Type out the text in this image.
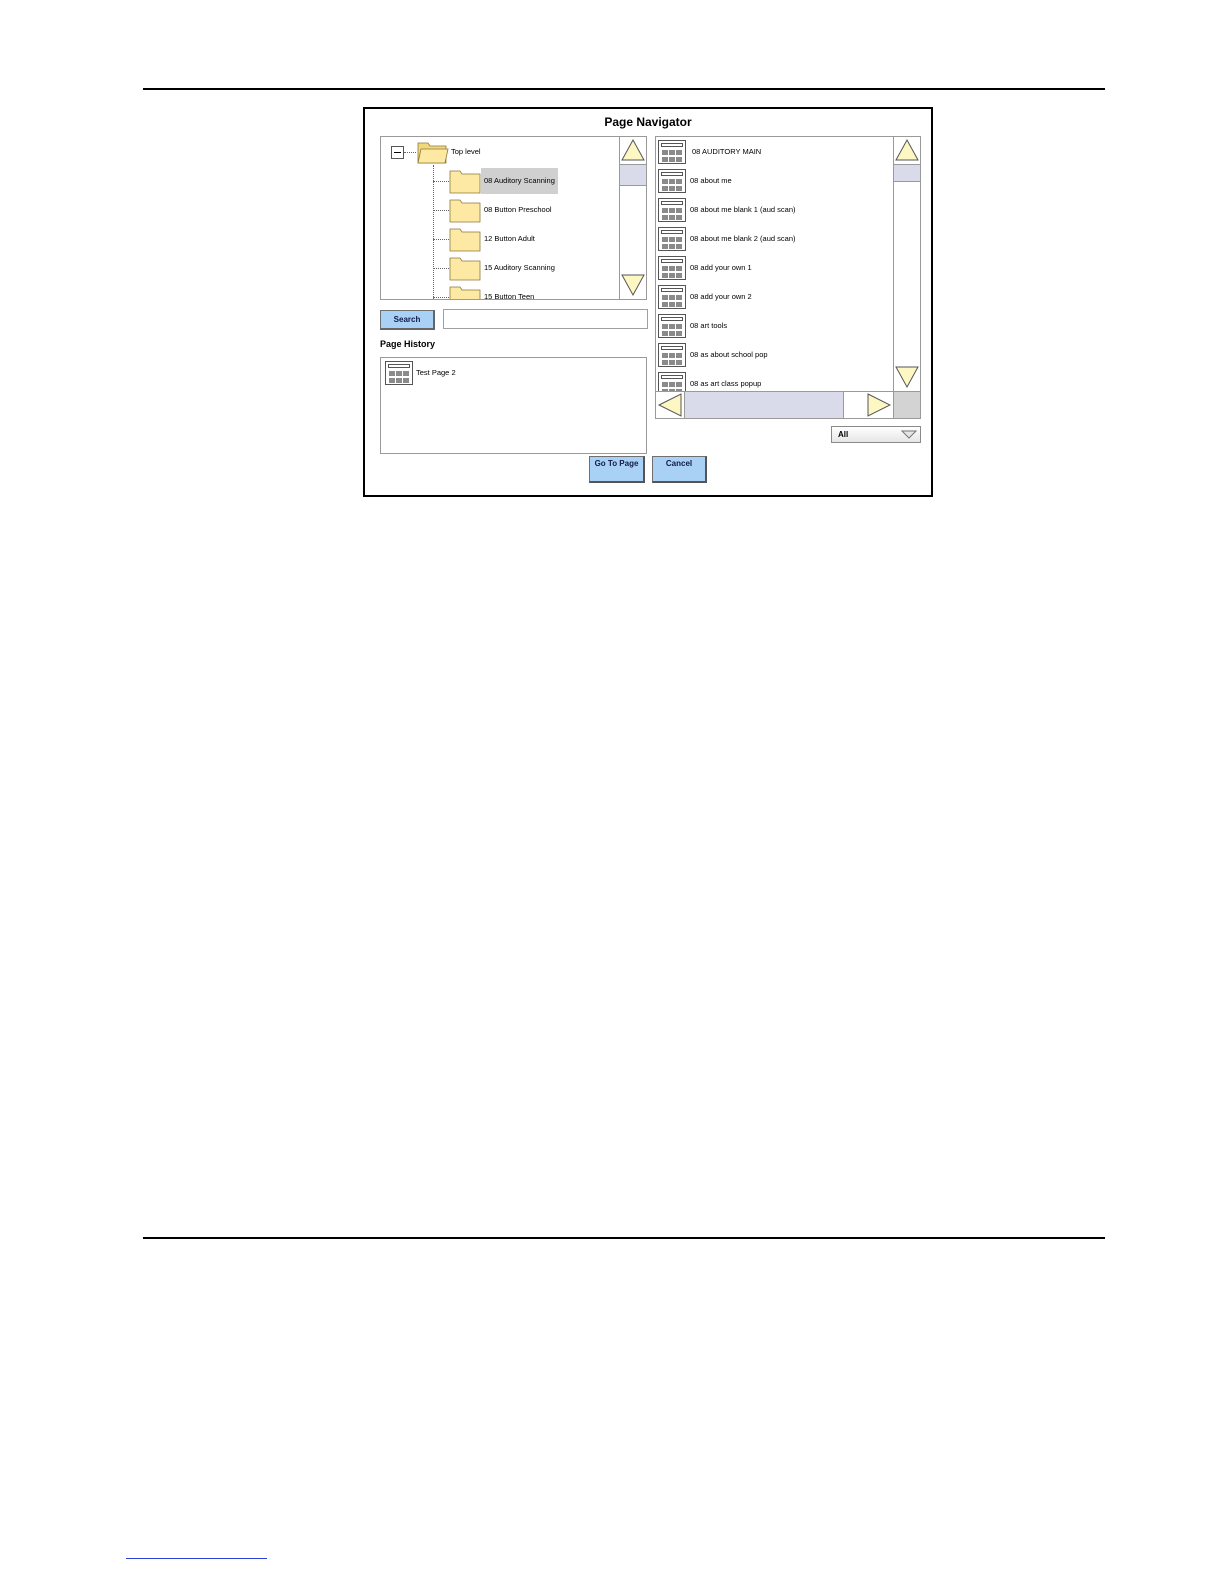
Page Navigator
Top level
08 Auditory Scanning
08 Button Preschool
12 Button Adult
15 Auditory Scanning
15 Button Teen
Search
Page History
Test Page 2
08 AUDITORY MAIN
08 about me
08 about me blank 1 (aud scan)
08 about me blank 2 (aud scan)
08 add your own 1
08 add your own 2
08 art tools
08 as about school pop
08 as art class popup
All
Go To Page	Cancel
